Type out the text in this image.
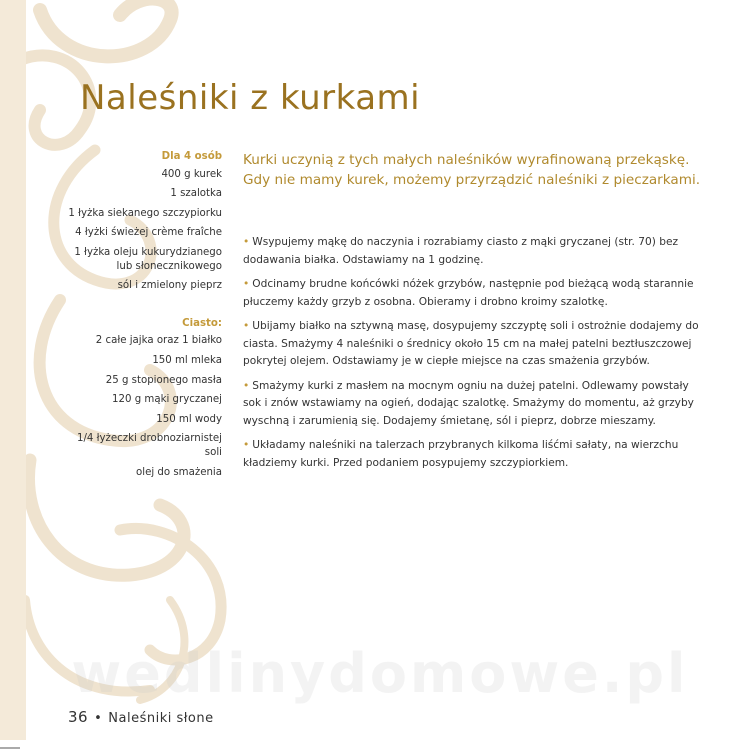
Naleśniki z kurkami
Dla 4 osób
400 g kurek
1 szalotka
1 łyżka siekanego szczypiorku
4 łyżki świeżej crème fraîche
1 łyżka oleju kukurydzianego lub słonecznikowego
sól i zmielony pieprz
Ciasto:
2 całe jajka oraz 1 białko
150 ml mleka
25 g stopionego masła
120 g mąki gryczanej
150 ml wody
1/4 łyżeczki drobnoziarnistej soli
olej do smażenia

Kurki uczynią z tych małych naleśników wyrafinowaną przekąskę. Gdy nie mamy kurek, możemy przyrządzić naleśniki z pieczarkami.

• Wsypujemy mąkę do naczynia i rozrabiamy ciasto z mąki gryczanej (str. 70) bez dodawania białka. Odstawiamy na 1 godzinę.

• Odcinamy brudne końcówki nóżek grzybów, następnie pod bieżącą wodą starannie płuczemy każdy grzyb z osobna. Obieramy i drobno kroimy szalotkę.

• Ubijamy białko na sztywną masę, dosypujemy szczyptę soli i ostrożnie dodajemy do ciasta. Smażymy 4 naleśniki o średnicy około 15 cm na małej patelni beztłuszczowej pokrytej olejem. Odstawiamy je w ciepłe miejsce na czas smażenia grzybów.

• Smażymy kurki z masłem na mocnym ogniu na dużej patelni. Odlewamy powstały sok i znów wstawiamy na ogień, dodając szalotkę. Smażymy do momentu, aż grzyby wyschną i zarumienią się. Dodajemy śmietanę, sól i pieprz, dobrze mieszamy.

• Układamy naleśniki na talerzach przybranych kilkoma liśćmi sałaty, na wierzchu kładziemy kurki. Przed podaniem posypujemy szczypiorkiem.

wedlinydomowe.pl
36 • Naleśniki słone
